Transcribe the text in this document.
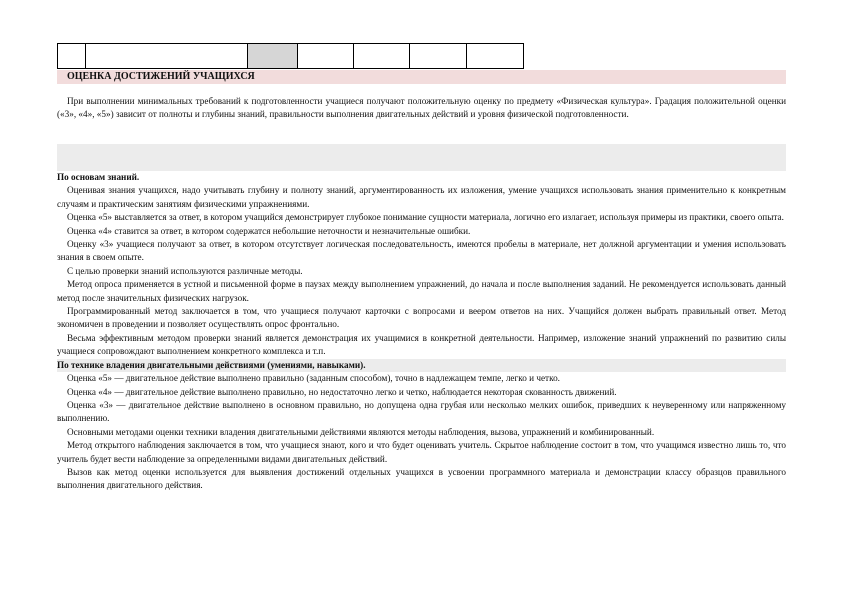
ОЦЕНКА ДОСТИЖЕНИЙ УЧАЩИХСЯ

При выполнении минимальных требований к подготовленности учащиеся получают положительную оценку по предмету «Физическая культура». Градация положительной оценки («3», «4», «5») зависит от полноты и глубины знаний, правильности выполнения двигательных действий и уровня физической подготовленности.

По основам знаний.

Оценивая знания учащихся, надо учитывать глубину и полноту знаний, аргументированность их изложения, умение учащихся использовать знания применительно к конкретным случаям и практическим занятиям физическими упражнениями.

Оценка «5» выставляется за ответ, в котором учащийся демонстрирует глубокое понимание сущности материала, логично его излагает, используя примеры из практики, своего опыта.

Оценка «4» ставится за ответ, в котором содержатся небольшие неточности и незначительные ошибки.

Оценку «3» учащиеся получают за ответ, в котором отсутствует логическая последовательность, имеются пробелы в материале, нет должной аргументации и умения использовать знания в своем опыте.

С целью проверки знаний используются различные методы.

Метод опроса применяется в устной и письменной форме в паузах между выполнением упражнений, до начала и после выполнения заданий. Не рекомендуется использовать данный метод после значительных физических нагрузок.

Программированный метод заключается в том, что учащиеся получают карточки с вопросами и веером ответов на них. Учащийся должен выбрать правильный ответ. Метод экономичен в проведении и позволяет осуществлять опрос фронтально.

Весьма эффективным методом проверки знаний является демонстрация их учащимися в конкретной деятельности. Например, изложение знаний упражнений по развитию силы учащиеся сопровождают выполнением конкретного комплекса и т.п.

По технике владения двигательными действиями (умениями, навыками).

Оценка «5» — двигательное действие выполнено правильно (заданным способом), точно в надлежащем темпе, легко и четко.

Оценка «4» — двигательное действие выполнено правильно, но недостаточно легко и четко, наблюдается некоторая скованность движений.

Оценка «3» — двигательное действие выполнено в основном правильно, но допущена одна грубая или несколько мелких ошибок, приведших к неуверенному или напряженному выполнению.

Основными методами оценки техники владения двигательными действиями являются методы наблюдения, вызова, упражнений и комбинированный.

Метод открытого наблюдения заключается в том, что учащиеся знают, кого и что будет оценивать учитель. Скрытое наблюдение состоит в том, что учащимся известно лишь то, что учитель будет вести наблюдение за определенными видами двигательных действий.

Вызов как метод оценки используется для выявления достижений отдельных учащихся в усвоении программного материала и демонстрации классу образцов правильного выполнения двигательного действия.
